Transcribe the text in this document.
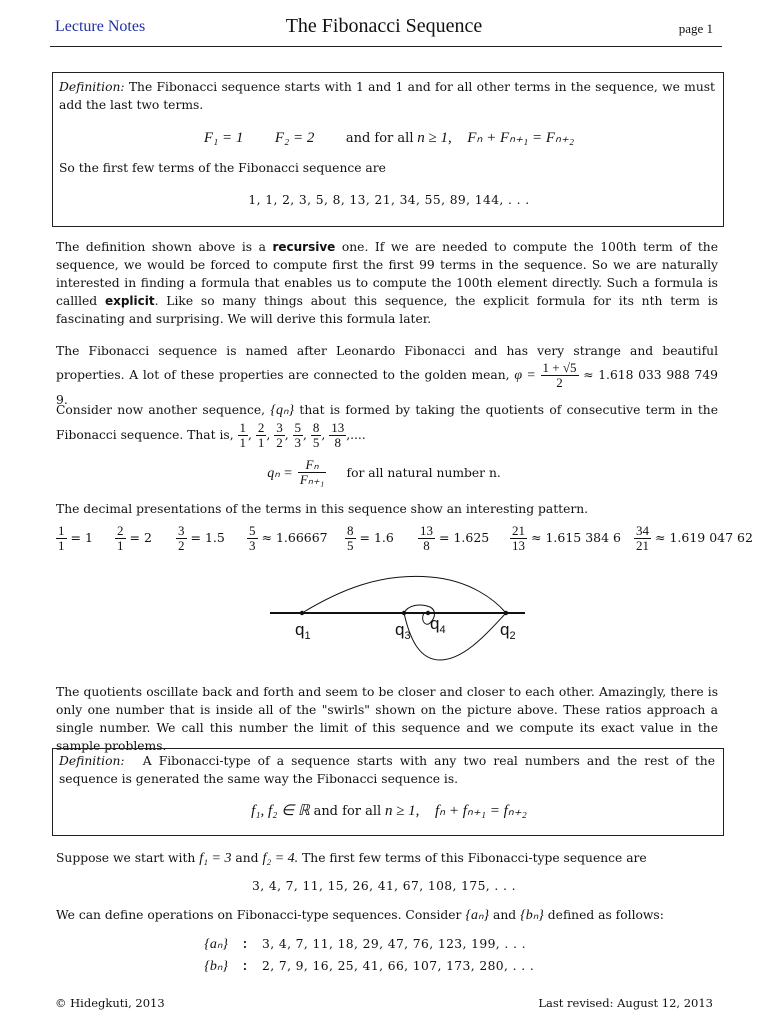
Lecture Notes	The Fibonacci Sequence	page 1
Definition: The Fibonacci sequence starts with 1 and 1 and for all other terms in the sequence, we must add the last two terms.
F₁ = 1 F₂ = 2 and for all n ≥ 1, Fₙ + Fₙ₊₁ = Fₙ₊₂
So the first few terms of the Fibonacci sequence are
1, 1, 2, 3, 5, 8, 13, 21, 34, 55, 89, 144, . . .
The definition shown above is a recursive one. If we are needed to compute the 100th term of the sequence, we would be forced to compute first the first 99 terms in the sequence. So we are naturally interested in finding a formula that enables us to compute the 100th element directly. Such a formula is callled explicit. Like so many things about this sequence, the explicit formula for its nth term is fascinating and surprising. We will derive this formula later.
The Fibonacci sequence is named after Leonardo Fibonacci and has very strange and beautiful properties. A lot of these properties are connected to the golden mean, $\varphi = \frac{1 + √5}{2} \approx 1.618$ 033 988 749 9.
Consider now another sequence, {qₙ} that is formed by taking the quotients of consecutive term in the Fibonacci sequence. That is, $\frac{1}{1}$ , $\frac{2}{1}$ , $\frac{3}{2}$ , $\frac{5}{3}$ , $\frac{8}{5}$ , $\frac{13}{8}$ ,....
$q_n = \frac{\text{Fₙ}}{\text{Fₙ₊₁}}$ for all natural number n.
The decimal presentations of the terms in this sequence show an interesting pattern.
$\frac{1}{1} = 1 \frac{2}{1} = 2 \frac{3}{2} = 1.5 \frac{5}{3} \approx 1.66667 \frac{8}{5} = 1.6 \frac{13}{8} = 1.625 \frac{21}{13} \approx 1.615$ 384 $6 \frac{34}{21} \approx 1.619$ 047 62
$q_1$	$q_3$
$q_4$	$q_2$
The quotients oscillate back and forth and seem to be closer and closer to each other. Amazingly, there is only one number that is inside all of the "swirls" shown on the picture above. These ratios approach a single number. We call this number the limit of this sequence and we compute its exact value in the sample problems.
Definition: A Fibonacci-type of a sequence starts with any two real numbers and the rest of the sequence is generated the same way the Fibonacci sequence is.
f₁, f₂ ∈ ℝ and for all n ≥ 1, fₙ + fₙ₊₁ = fₙ₊₂
Suppose we start with f₁ = 3 and f₂ = 4. The first few terms of this Fibonacci-type sequence are
3, 4, 7, 11, 15, 26, 41, 67, 108, 175, . . .
We can define operations on Fibonacci-type sequences. Consider {aₙ} and {bₙ} defined as follows:
{aₙ} : 3, 4, 7, 11, 18, 29, 47, 76, 123, 199, . . .
{bₙ} : 2, 7, 9, 16, 25, 41, 66, 107, 173, 280, . . .
© Hidegkuti, 2013	Last revised: August 12, 2013
